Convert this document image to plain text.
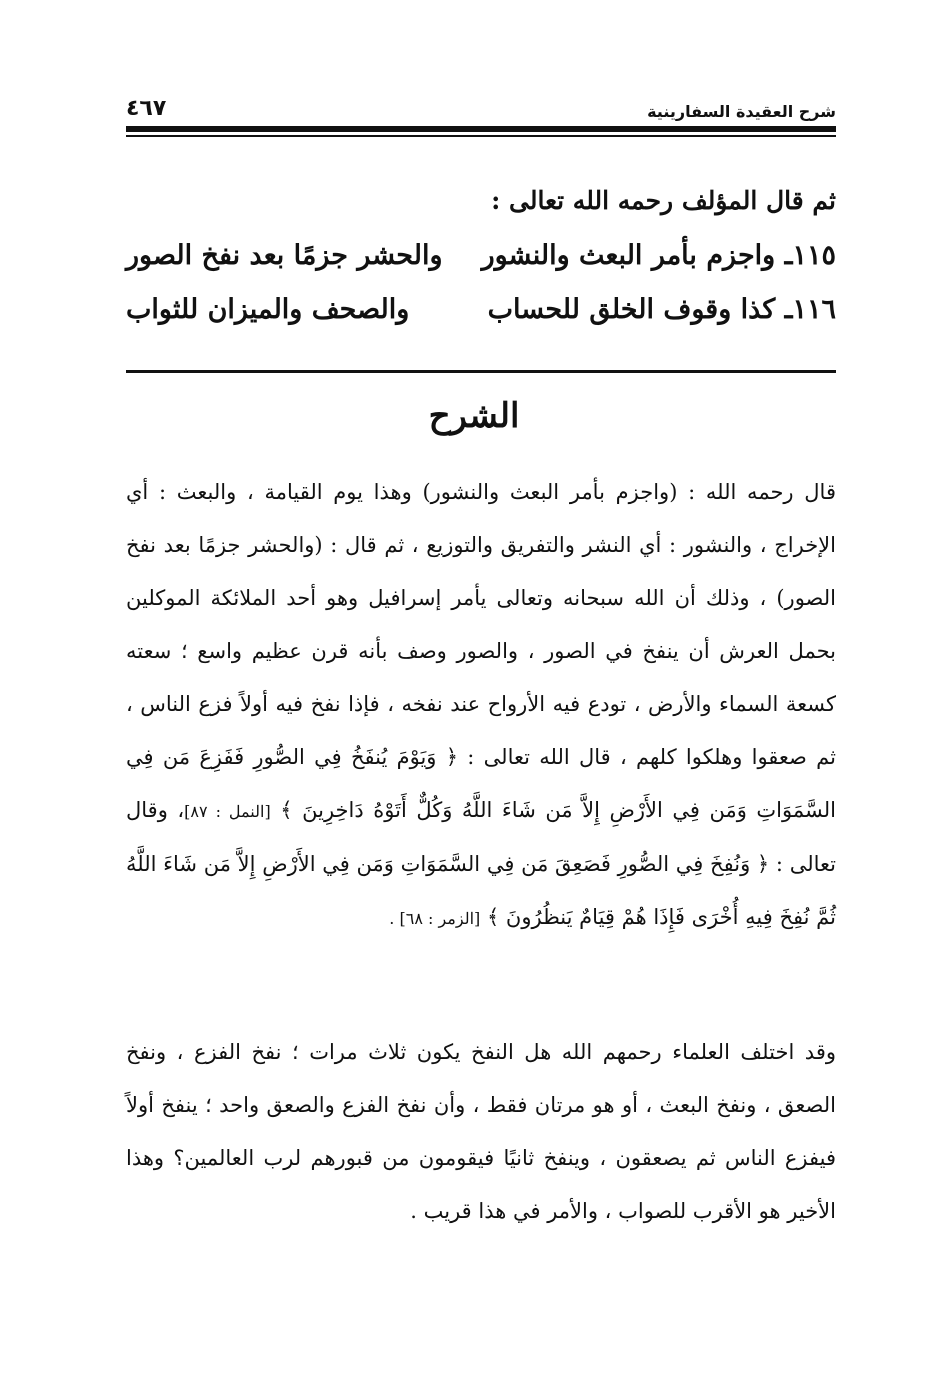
شرح العقيدة السفارينية
٤٦٧
ثم قال المؤلف رحمه الله تعالى :
١١٥ـ واجزم بأمر البعث والنشور
والحشر جزمًا بعد نفخ الصور
١١٦ـ كذا وقوف الخلق للحساب
والصحف والميزان للثواب
الشرح
قال رحمه الله : (واجزم بأمر البعث والنشور) وهذا يوم القيامة ، والبعث : أي الإخراج ، والنشور : أي النشر والتفريق والتوزيع ، ثم قال : (والحشر جزمًا بعد نفخ الصور) ، وذلك أن الله سبحانه وتعالى يأمر إسرافيل وهو أحد الملائكة الموكلين بحمل العرش أن ينفخ في الصور ، والصور وصف بأنه قرن عظيم واسع ؛ سعته كسعة السماء والأرض ، تودع فيه الأرواح عند نفخه ، فإذا نفخ فيه أولاً فزع الناس ، ثم صعقوا وهلكوا كلهم ، قال الله تعالى : ﴿ وَيَوْمَ يُنفَخُ فِي الصُّورِ فَفَزِعَ مَن فِي السَّمَوَاتِ وَمَن فِي الأَرْضِ إِلاَّ مَن شَاءَ اللَّهُ وَكُلٌّ أَتَوْهُ دَاخِرِينَ ﴾ [النمل : ٨٧]، وقال تعالى : ﴿ وَنُفِخَ فِي الصُّورِ فَصَعِقَ مَن فِي السَّمَوَاتِ وَمَن فِي الأَرْضِ إِلاَّ مَن شَاءَ اللَّهُ ثُمَّ نُفِخَ فِيهِ أُخْرَى فَإِذَا هُمْ قِيَامٌ يَنظُرُونَ ﴾ [الزمر : ٦٨] .
وقد اختلف العلماء رحمهم الله هل النفخ يكون ثلاث مرات ؛ نفخ الفزع ، ونفخ الصعق ، ونفخ البعث ، أو هو مرتان فقط ، وأن نفخ الفزع والصعق واحد ؛ ينفخ أولاً فيفزع الناس ثم يصعقون ، وينفخ ثانيًا فيقومون من قبورهم لرب العالمين؟ وهذا الأخير هو الأقرب للصواب ، والأمر في هذا قريب .
